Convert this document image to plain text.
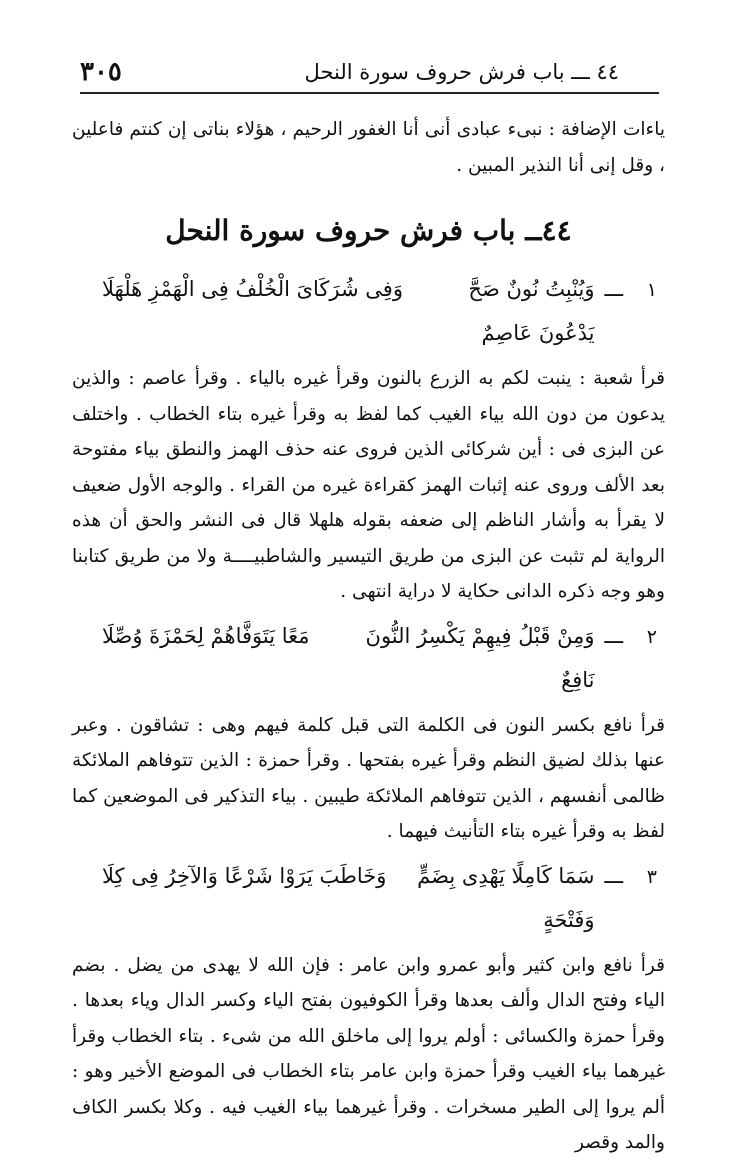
٤٤ ـــ باب فرش حروف سورة النحل
٣٠٥

ياءات الإضافة : نبىء عبادى أنى أنا الغفور الرحيم ، هؤلاء بناتى إن كنتم فاعلين ، وقل إنى أنا النذير المبين .

٤٤ــ باب فرش حروف سورة النحل
١
ـــ
وَيُنْبِتُ نُونٌ صَحَّ يَدْعُونَ عَاصِمٌ
وَفِى شُرَكَاىَ الْخُلْفُ فِى الْهَمْزِ هَلْهَلَا

قرأ شعبة : ينبت لكم به الزرع بالنون وقرأ غيره بالياء . وقرأ عاصم : والذين يدعون من دون الله بياء الغيب كما لفظ به وقرأ غيره بتاء الخطاب . واختلف عن البزى فى : أين شركائى الذين فروى عنه حذف الهمز والنطق بياء مفتوحة بعد الألف وروى عنه إثبات الهمز كقراءة غيره من القراء . والوجه الأول ضعيف لا يقرأ به وأشار الناظم إلى ضعفه بقوله هلهلا قال فى النشر والحق أن هذه الرواية لم تثبت عن البزى من طريق التيسير والشاطبيــــة ولا من طريق كتابنا وهو وجه ذكره الدانى حكاية لا دراية انتهى .

٢
ـــ
وَمِنْ قَبْلُ فِيهِمْ يَكْسِرُ النُّونَ نَافِعٌ
مَعًا يَتَوَفَّاهُمْ لِحَمْزَةَ وُصِّلَا

قرأ نافع بكسر النون فى الكلمة التى قبل كلمة فيهم وهى : تشاقون . وعبر عنها بذلك لضيق النظم وقرأ غيره بفتحها . وقرأ حمزة : الذين تتوفاهم الملائكة ظالمى أنفسهم ، الذين تتوفاهم الملائكة طيبين . بياء التذكير فى الموضعين كما لفظ به وقرأ غيره بتاء التأنيث فيهما .

٣
ـــ
سَمَا كَامِلًا يَهْدِى بِضَمٍّ وَفَتْحَةٍ
وَخَاطَبَ يَرَوْا شَرْعًا وَالآخِرُ فِى كِلَا

قرأ نافع وابن كثير وأبو عمرو وابن عامر : فإن الله لا يهدى من يضل . بضم الياء وفتح الدال وألف بعدها وقرأ الكوفيون بفتح الياء وكسر الدال وياء بعدها . وقرأ حمزة والكسائى : أولم يروا إلى ماخلق الله من شىء . بتاء الخطاب وقرأ غيرهما بياء الغيب وقرأ حمزة وابن عامر بتاء الخطاب فى الموضع الأخير وهو : ألم يروا إلى الطير مسخرات . وقرأ غيرهما بياء الغيب فيه . وكلا بكسر الكاف والمد وقصر
